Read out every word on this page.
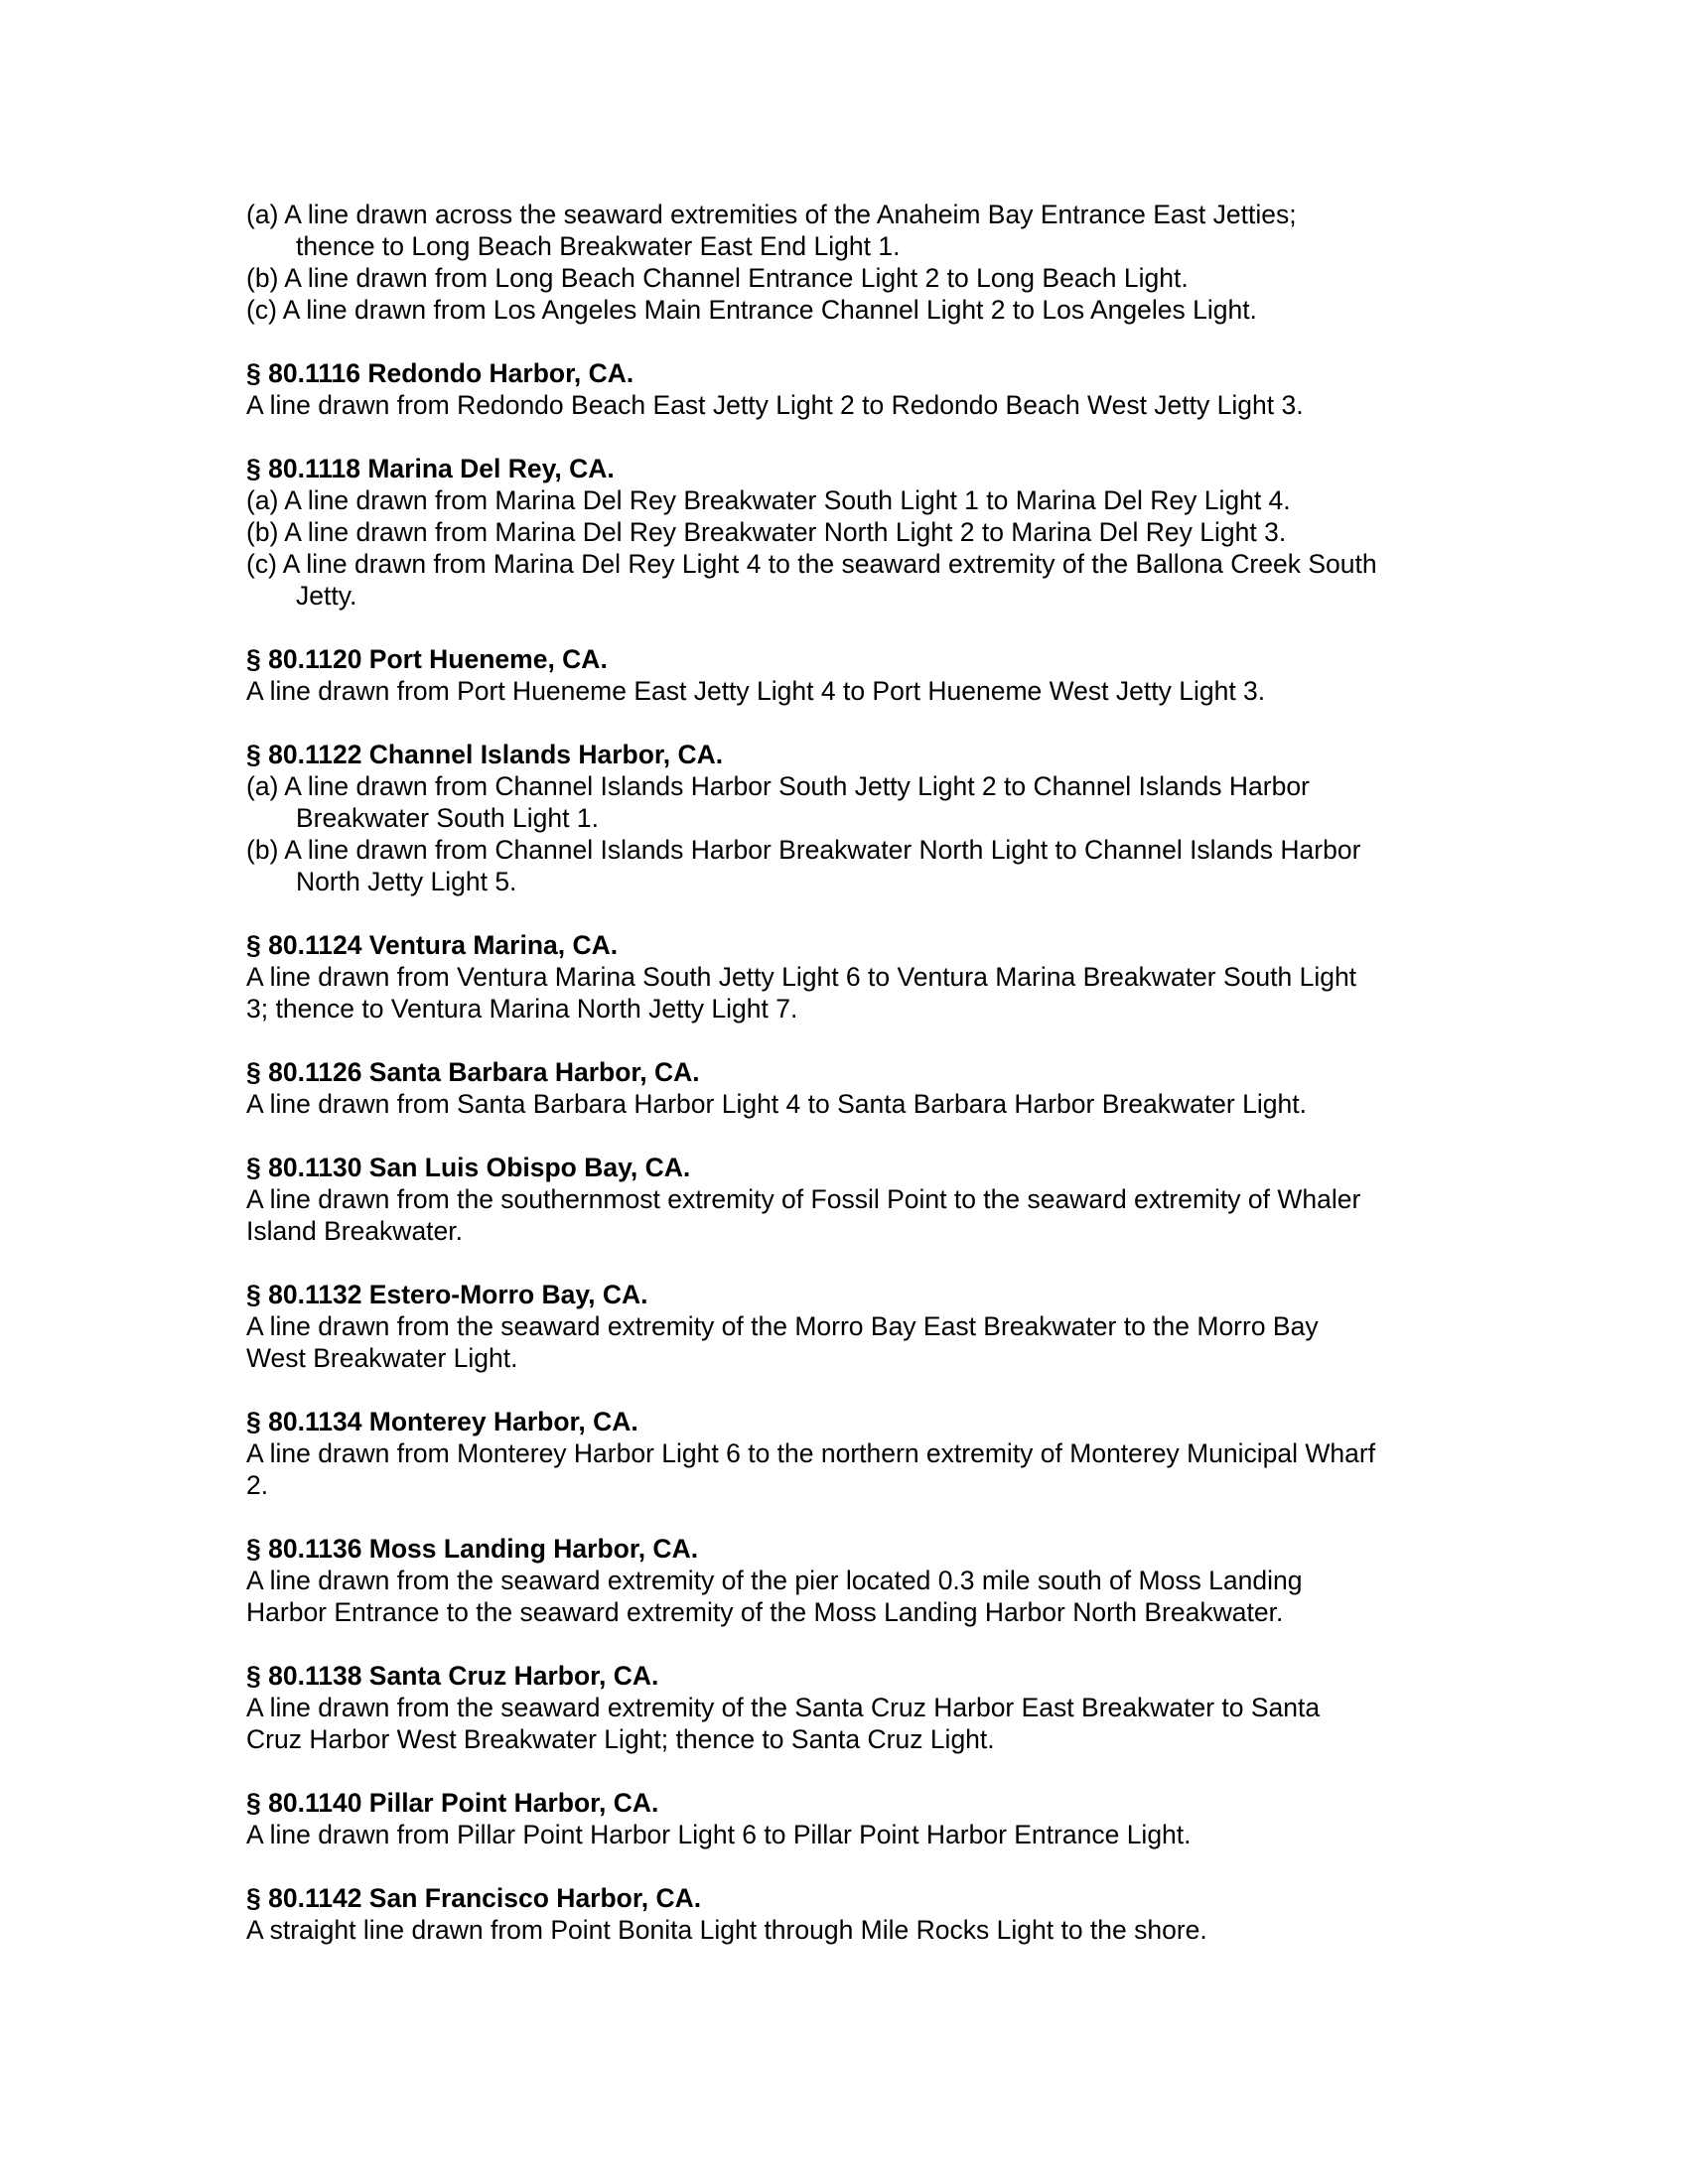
(a) A line drawn across the seaward extremities of the Anaheim Bay Entrance East Jetties;

thence to Long Beach Breakwater East End Light 1.

(b) A line drawn from Long Beach Channel Entrance Light 2 to Long Beach Light.

(c) A line drawn from Los Angeles Main Entrance Channel Light 2 to Los Angeles Light.

§ 80.1116 Redondo Harbor, CA.

A line drawn from Redondo Beach East Jetty Light 2 to Redondo Beach West Jetty Light 3.

§ 80.1118 Marina Del Rey, CA.

(a) A line drawn from Marina Del Rey Breakwater South Light 1 to Marina Del Rey Light 4.

(b) A line drawn from Marina Del Rey Breakwater North Light 2 to Marina Del Rey Light 3.

(c) A line drawn from Marina Del Rey Light 4 to the seaward extremity of the Ballona Creek South

Jetty.

§ 80.1120 Port Hueneme, CA.

A line drawn from Port Hueneme East Jetty Light 4 to Port Hueneme West Jetty Light 3.

§ 80.1122 Channel Islands Harbor, CA.

(a) A line drawn from Channel Islands Harbor South Jetty Light 2 to Channel Islands Harbor

Breakwater South Light 1.

(b) A line drawn from Channel Islands Harbor Breakwater North Light to Channel Islands Harbor

North Jetty Light 5.

§ 80.1124 Ventura Marina, CA.

A line drawn from Ventura Marina South Jetty Light 6 to Ventura Marina Breakwater South Light

3; thence to Ventura Marina North Jetty Light 7.

§ 80.1126 Santa Barbara Harbor, CA.

A line drawn from Santa Barbara Harbor Light 4 to Santa Barbara Harbor Breakwater Light.

§ 80.1130 San Luis Obispo Bay, CA.

A line drawn from the southernmost extremity of Fossil Point to the seaward extremity of Whaler

Island Breakwater.

§ 80.1132 Estero-Morro Bay, CA.

A line drawn from the seaward extremity of the Morro Bay East Breakwater to the Morro Bay

West Breakwater Light.

§ 80.1134 Monterey Harbor, CA.

A line drawn from Monterey Harbor Light 6 to the northern extremity of Monterey Municipal Wharf

2.

§ 80.1136 Moss Landing Harbor, CA.

A line drawn from the seaward extremity of the pier located 0.3 mile south of Moss Landing

Harbor Entrance to the seaward extremity of the Moss Landing Harbor North Breakwater.

§ 80.1138 Santa Cruz Harbor, CA.

A line drawn from the seaward extremity of the Santa Cruz Harbor East Breakwater to Santa

Cruz Harbor West Breakwater Light; thence to Santa Cruz Light.

§ 80.1140 Pillar Point Harbor, CA.

A line drawn from Pillar Point Harbor Light 6 to Pillar Point Harbor Entrance Light.

§ 80.1142 San Francisco Harbor, CA.

A straight line drawn from Point Bonita Light through Mile Rocks Light to the shore.
